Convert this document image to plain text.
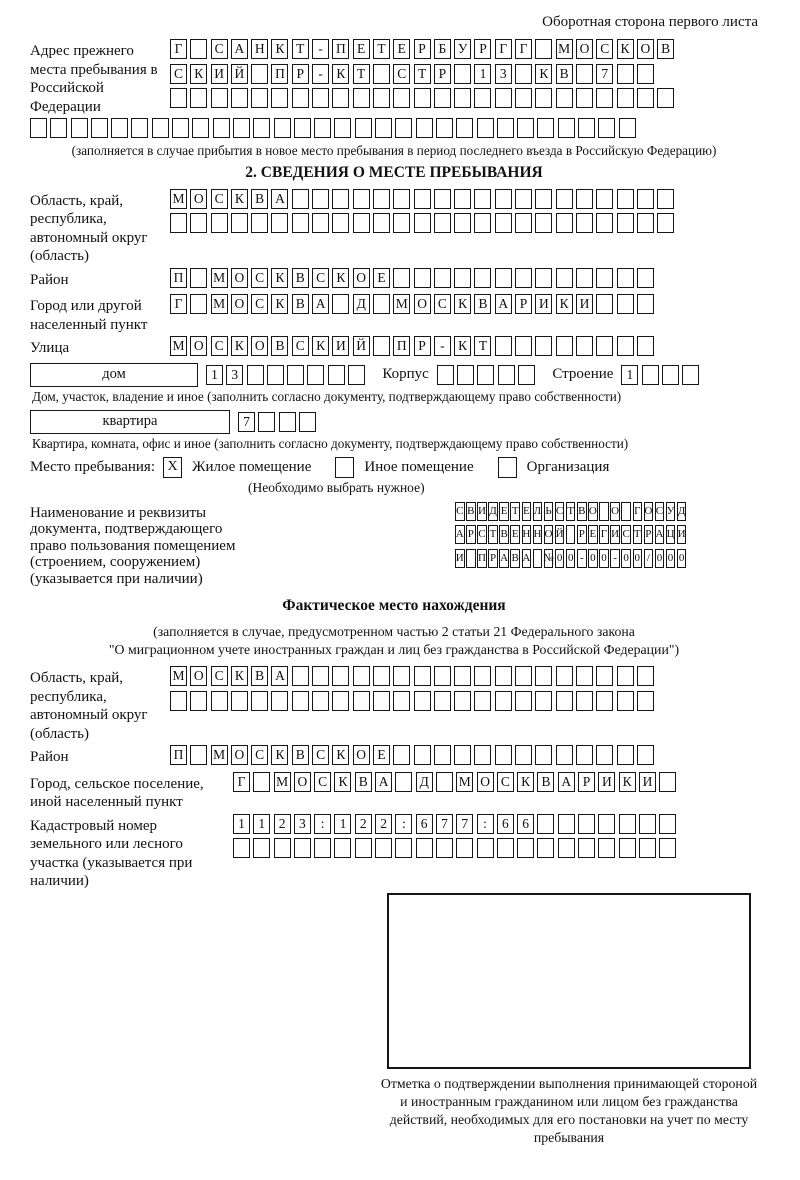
Оборотная сторона первого листа
Адрес прежнего места пребывания в Российской Федерации
Г	С А Н К Т	- П Е Т Е Р Б У Р Г Г	М О С К О В
С К И Й П Р	-	К Т	С Т Р	1	3	К В	7
(заполняется в случае прибытия в новое место пребывания в период последнего въезда в Российскую Федерацию)
2. СВЕДЕНИЯ О МЕСТЕ ПРЕБЫВАНИЯ
Область, край, республика, автономный округ (область)
М О С К В А
Район	П М О С К В С К О Е
Город или другой населенный пункт
Г	М О С К В А Д М О С К В А Р И К И
Улица	М О С К О В С К И Й П Р	-	К Т
дом	1	3	Корпус	Строение 1
Дом, участок, владение и иное (заполнить согласно документу, подтверждающему право собственности)
квартира	7
Квартира, комната, офис и иное (заполнить согласно документу, подтверждающему право собственности)
Место пребывания: X Жилое помещение	Иное помещение	Организация
(Необходимо выбрать нужное)
Наименование и реквизиты документа, подтверждающего право пользования помещением (строением, сооружением) (указывается при наличии)
С В И Д Е Т Е Л Ь С Т В О О Г О С У Д
А Р С Т В Е Н Н О Й Р Е Г И С Т Р А Ц И
И П Р А В А № 0 0 - 0 0 - 0 0 / 0 0 0
Фактическое место нахождения
(заполняется в случае, предусмотренном частью 2 статьи 21 Федерального закона
"О миграционном учете иностранных граждан и лиц без гражданства в Российской Федерации")
Область, край, республика, автономный округ (область)
М О С К В А
Район	П М О С К В С К О Е
Город, сельское поселение, иной населенный пункт
Г	М О С К В А Д М О С К В А Р И К И
Кадастровый номер земельного или лесного участка (указывается при наличии)
1	1	2	3	:	1	2	2	:	6	7	7	:	6	6
Отметка о подтверждении выполнения принимающей стороной и иностранным гражданином или лицом без гражданства действий, необходимых для его постановки на учет по месту пребывания
